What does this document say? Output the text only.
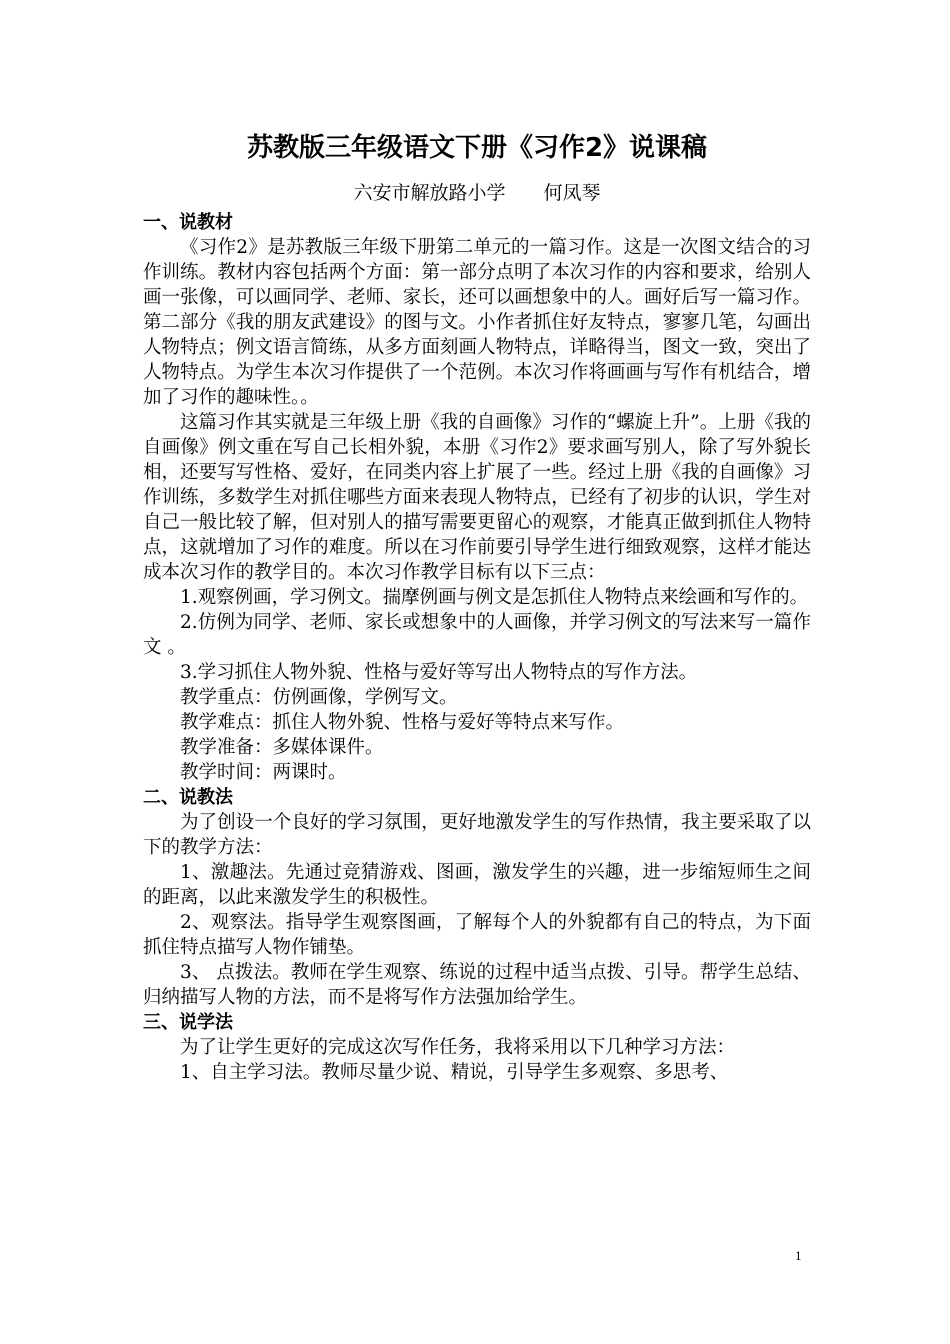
苏教版三年级语文下册《习作2》说课稿

六安市解放路小学　　何凤琴

一、说教材

《习作2》是苏教版三年级下册第二单元的一篇习作。这是一次图文结合的习作训练。教材内容包括两个方面：第一部分点明了本次习作的内容和要求，给别人画一张像，可以画同学、老师、家长，还可以画想象中的人。画好后写一篇习作。第二部分《我的朋友武建设》的图与文。小作者抓住好友特点，寥寥几笔，勾画出人物特点；例文语言简练，从多方面刻画人物特点，详略得当，图文一致，突出了人物特点。为学生本次习作提供了一个范例。本次习作将画画与写作有机结合，增加了习作的趣味性。。

这篇习作其实就是三年级上册《我的自画像》习作的“螺旋上升”。上册《我的自画像》例文重在写自己长相外貌，本册《习作2》要求画写别人，除了写外貌长相，还要写写性格、爱好，在同类内容上扩展了一些。经过上册《我的自画像》习作训练，多数学生对抓住哪些方面来表现人物特点，已经有了初步的认识，学生对自己一般比较了解，但对别人的描写需要更留心的观察，才能真正做到抓住人物特点，这就增加了习作的难度。所以在习作前要引导学生进行细致观察，这样才能达成本次习作的教学目的。本次习作教学目标有以下三点：

1.观察例画，学习例文。揣摩例画与例文是怎抓住人物特点来绘画和写作的。

2.仿例为同学、老师、家长或想象中的人画像，并学习例文的写法来写一篇作文 。

3.学习抓住人物外貌、性格与爱好等写出人物特点的写作方法。

教学重点：仿例画像，学例写文。

教学难点：抓住人物外貌、性格与爱好等特点来写作。

教学准备：多媒体课件。

教学时间：两课时。

二、说教法

为了创设一个良好的学习氛围，更好地激发学生的写作热情，我主要采取了以下的教学方法：

1、激趣法。先通过竞猜游戏、图画，激发学生的兴趣，进一步缩短师生之间的距离，以此来激发学生的积极性。

2、观察法。指导学生观察图画，了解每个人的外貌都有自己的特点，为下面抓住特点描写人物作铺垫。

3、 点拨法。教师在学生观察、练说的过程中适当点拨、引导。帮学生总结、归纳描写人物的方法，而不是将写作方法强加给学生。

三、说学法

为了让学生更好的完成这次写作任务，我将采用以下几种学习方法：

1、自主学习法。教师尽量少说、精说，引导学生多观察、多思考、

1
